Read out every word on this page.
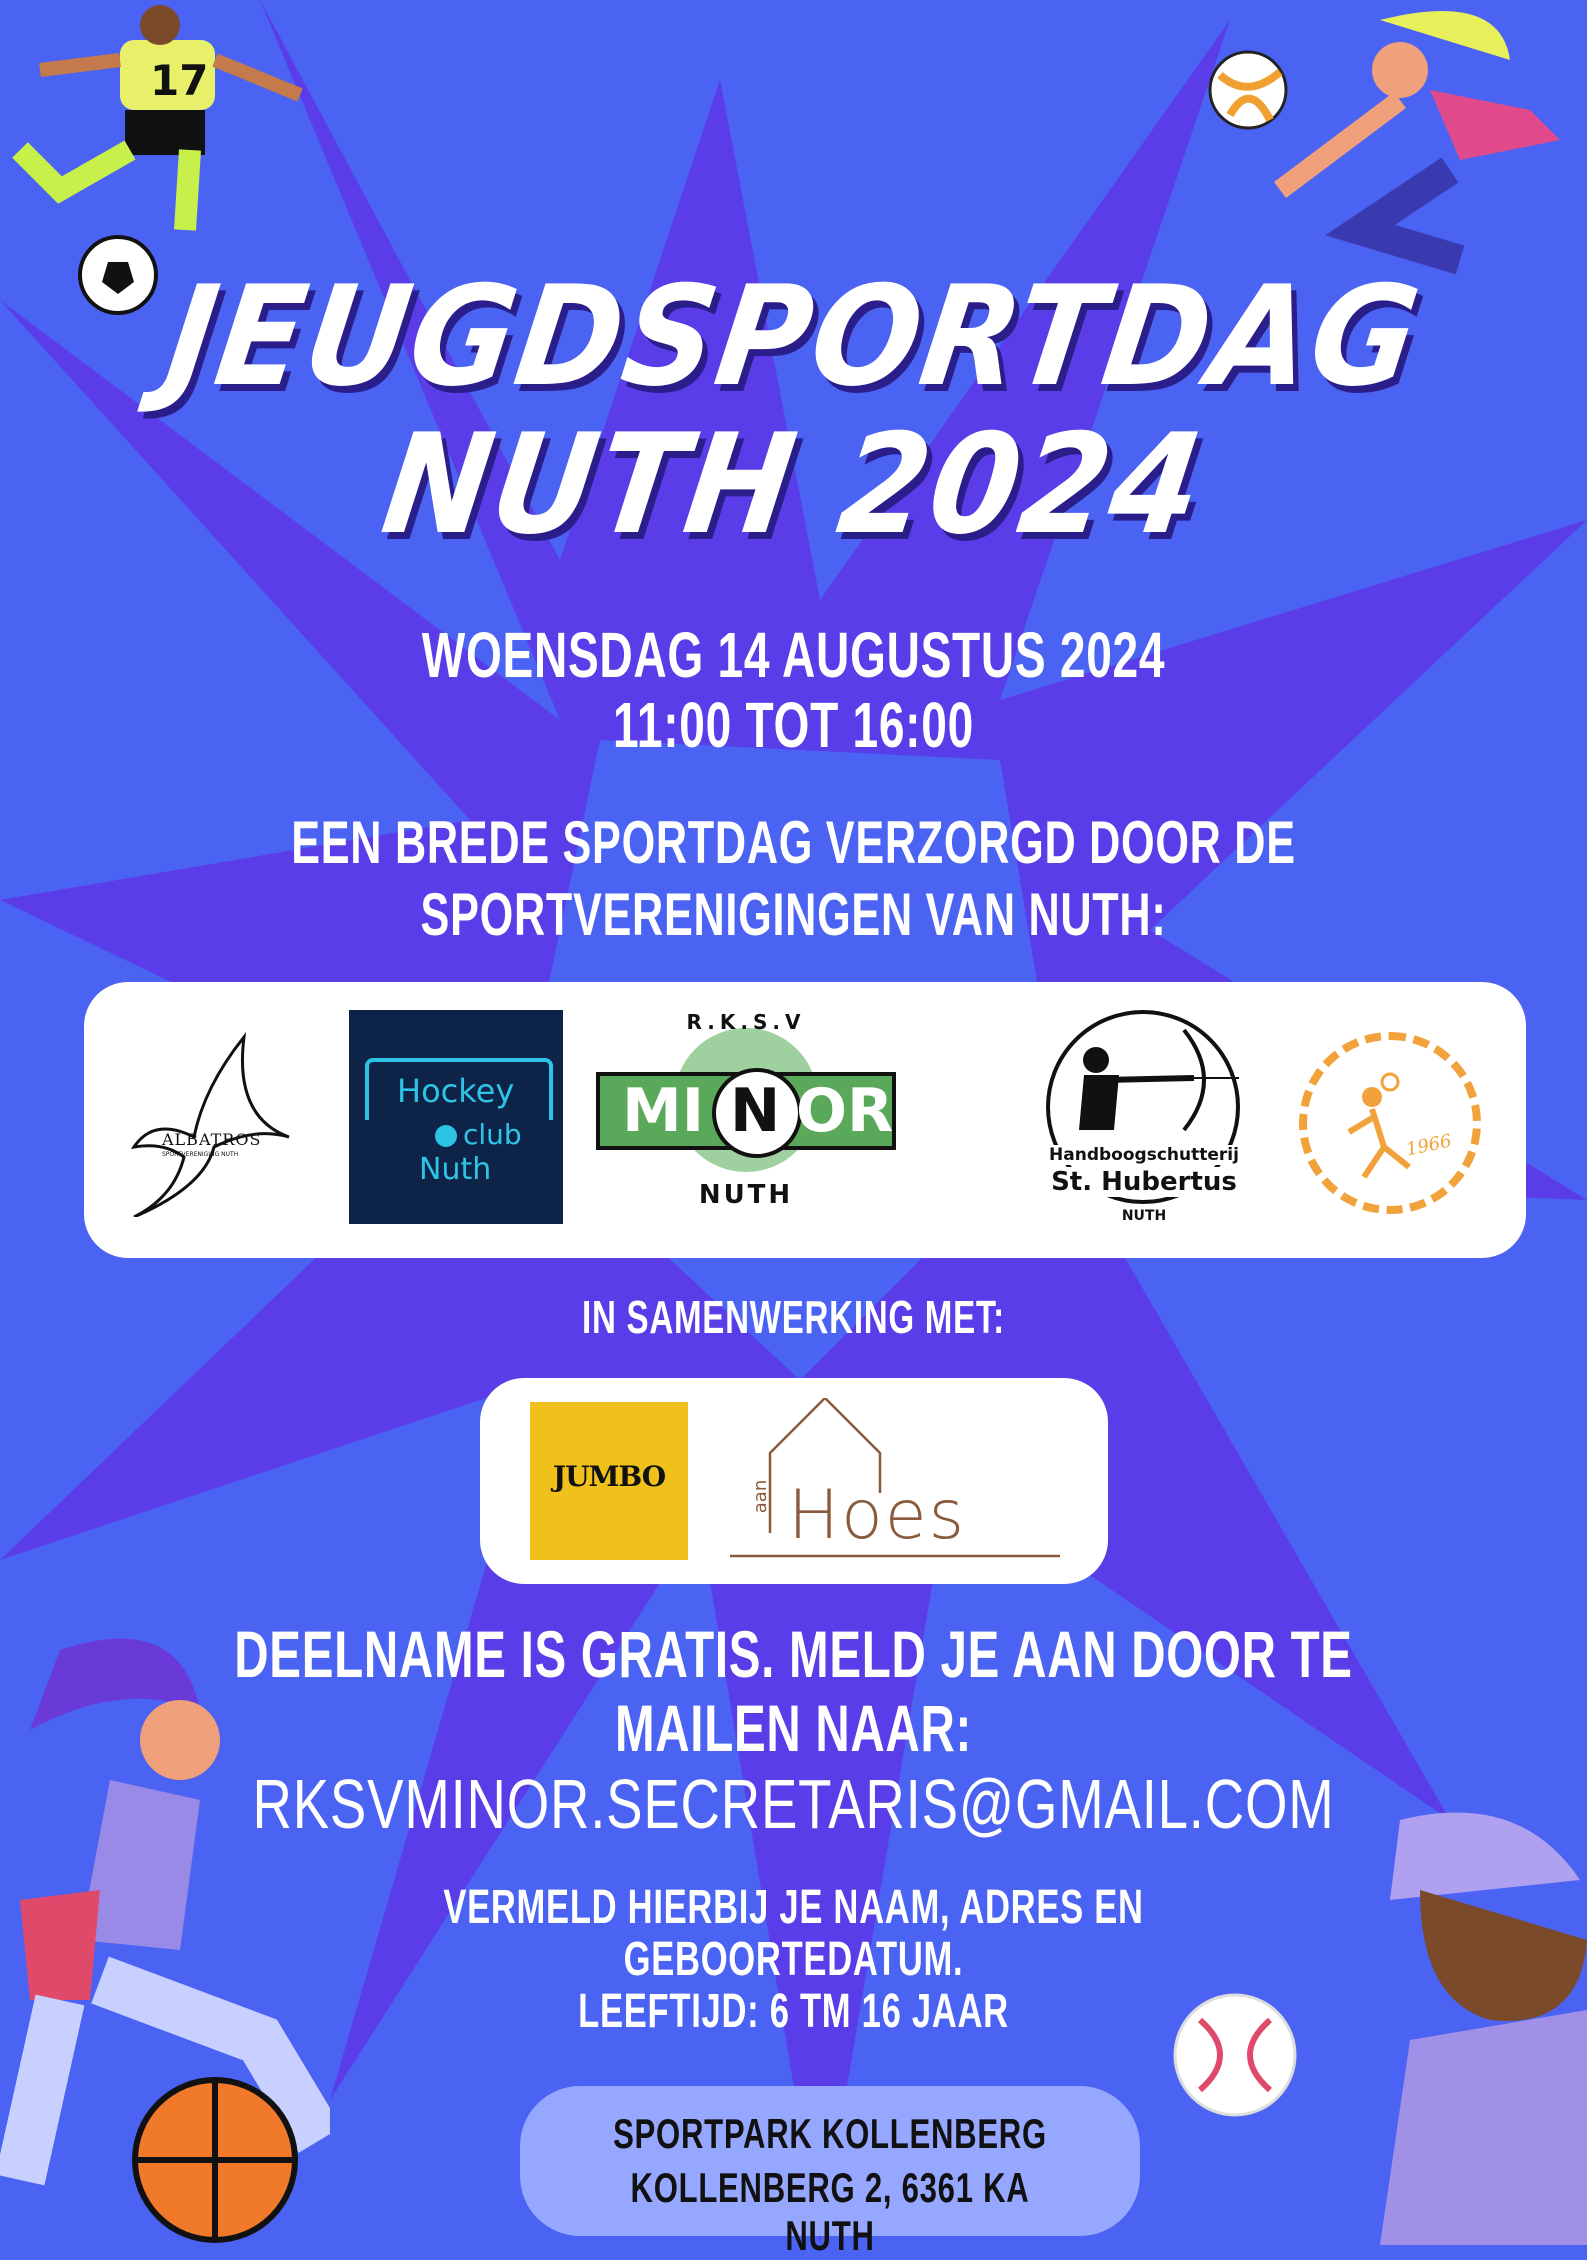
17
JEUGDSPORTDAG
NUTH 2024
WOENSDAG 14 AUGUSTUS 2024
11:00 TOT 16:00
EEN BREDE SPORTDAG VERZORGD DOOR DE
SPORTVERENIGINGEN VAN NUTH:
ALBATROS
SPORTVERENIGING NUTH
Hockey
club
Nuth
R.K.S.V
MI N OR
NUTH
Handboogschutterij
St. Hubertus
NUTH
1966
IN SAMENWERKING MET:
JUMBO
aan Hoes
DEELNAME IS GRATIS. MELD JE AAN DOOR TE
MAILEN NAAR:
RKSVMINOR.SECRETARIS@GMAIL.COM
VERMELD HIERBIJ JE NAAM, ADRES EN
GEBOORTEDATUM.
LEEFTIJD: 6 TM 16 JAAR
SPORTPARK KOLLENBERG
KOLLENBERG 2, 6361 KA NUTH
